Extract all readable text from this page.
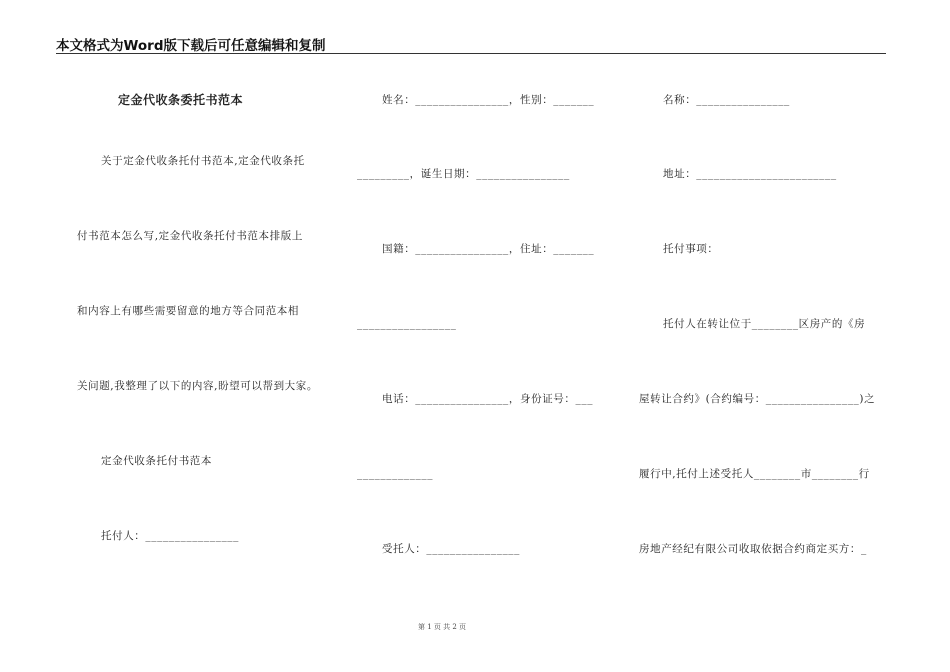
本文格式为Word版下载后可任意编辑和复制
定金代收条委托书范本
关于定金代收条托付书范本,定金代收条托
付书范本怎么写,定金代收条托付书范本排版上
和内容上有哪些需要留意的地方等合同范本相
关问题,我整理了以下的内容,盼望可以帮到大家。
定金代收条托付书范本
托付人：________________
姓名：________________，性别：_______
_________，诞生日期：________________
国籍：________________，住址：_______
_________________
电话：________________，身份证号：___
_____________
受托人：________________
名称：________________
地址：________________________
托付事项：
托付人在转让位于________区房产的《房
屋转让合约》(合约编号：________________)之
履行中,托付上述受托人________市________行
房地产经纪有限公司收取依据合约商定买方：_
第 1 页 共 2 页
